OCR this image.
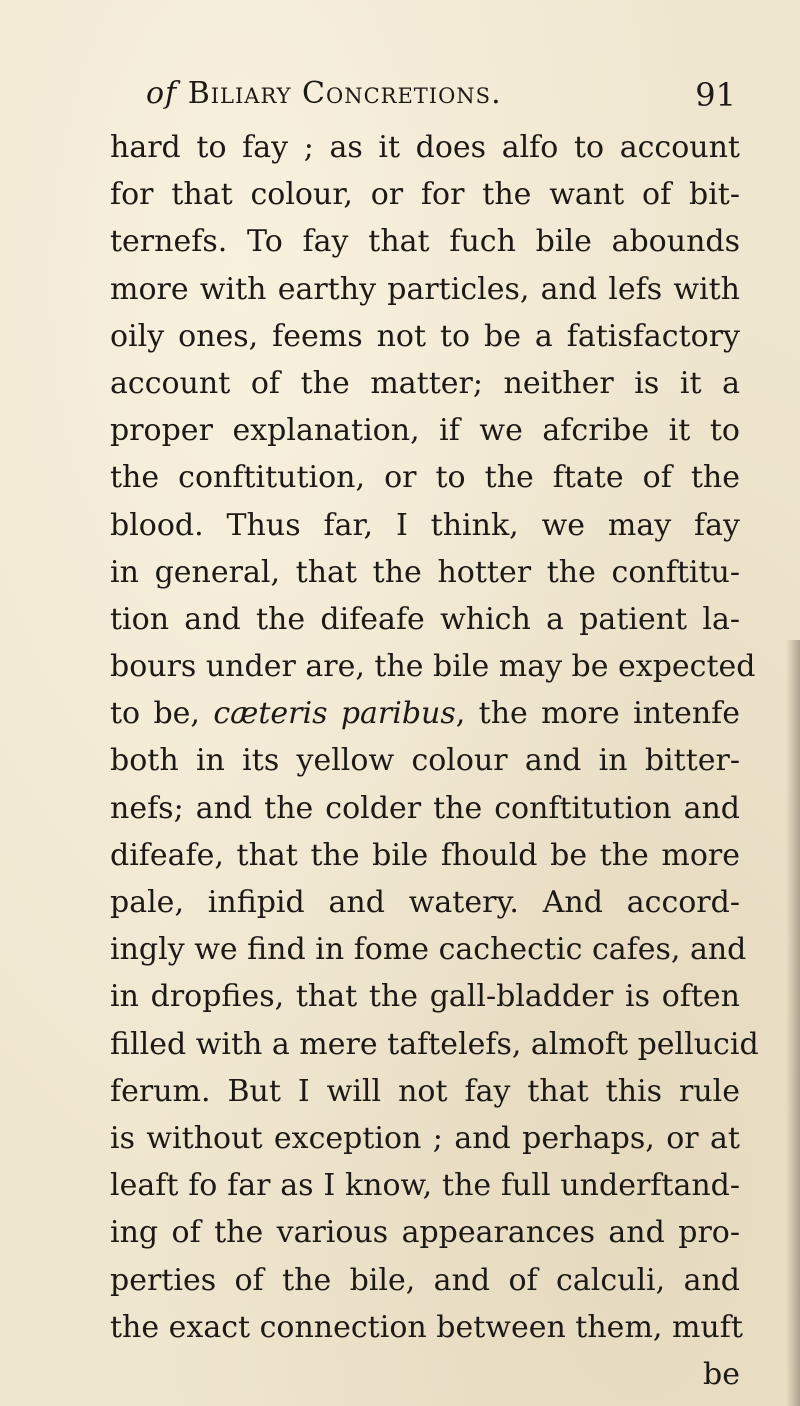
of Biliary Concretions.	91
hard to fay ; as it does alfo to account
for that colour, or for the want of bit-
ternefs. To fay that fuch bile abounds
more with earthy particles, and lefs with
oily ones, feems not to be a fatisfactory
account of the matter; neither is it a
proper explanation, if we afcribe it to
the conftitution, or to the ftate of the
blood. Thus far, I think, we may fay
in general, that the hotter the conftitu-
tion and the difeafe which a patient la-
bours under are, the bile may be expected
to be, cæteris paribus, the more intenfe
both in its yellow colour and in bitter-
nefs; and the colder the conftitution and
difeafe, that the bile fhould be the more
pale, infipid and watery. And accord-
ingly we find in fome cachectic cafes, and
in dropfies, that the gall-bladder is often
filled with a mere taftelefs, almoft pellucid
ferum. But I will not fay that this rule
is without exception ; and perhaps, or at
leaft fo far as I know, the full underftand-
ing of the various appearances and pro-
perties of the bile, and of calculi, and
the exact connection between them, muft
be
